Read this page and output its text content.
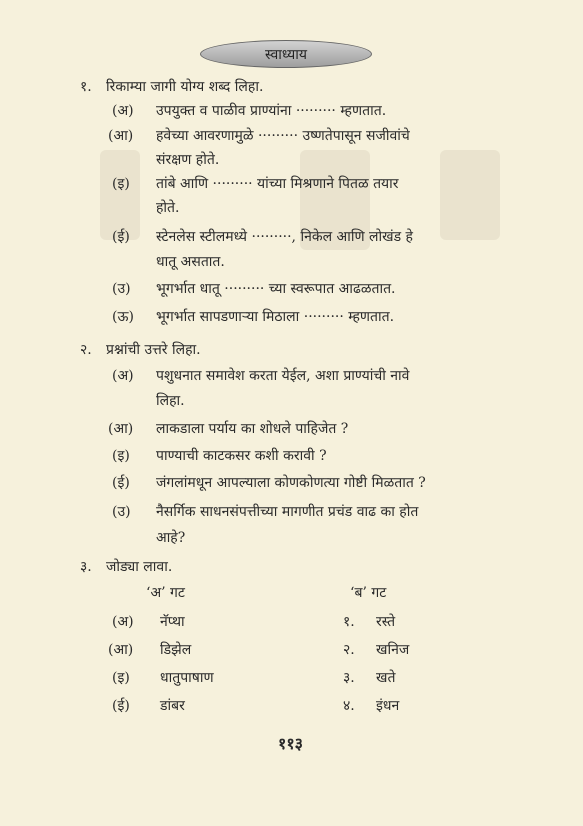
स्वाध्याय
१. रिकाम्या जागी योग्य शब्द लिहा.
(अ) उपयुक्त व पाळीव प्राण्यांना ········· म्हणतात.
(आ) हवेच्या आवरणामुळे ········· उष्णतेपासून सजीवांचे
संरक्षण होते.
(इ) तांबे आणि ········· यांच्या मिश्रणाने पितळ तयार
होते.
(ई) स्टेनलेस स्टीलमध्ये ·········, निकेल आणि लोखंड हे
धातू असतात.
(उ) भूगर्भात धातू ········· च्या स्वरूपात आढळतात.
(ऊ) भूगर्भात सापडणाऱ्या मिठाला ········· म्हणतात.
२. प्रश्नांची उत्तरे लिहा.
(अ) पशुधनात समावेश करता येईल, अशा प्राण्यांची नावे
लिहा.
(आ) लाकडाला पर्याय का शोधले पाहिजेत ?
(इ) पाण्याची काटकसर कशी करावी ?
(ई) जंगलांमधून आपल्याला कोणकोणत्या गोष्टी मिळतात ?
(उ) नैसर्गिक साधनसंपत्तीच्या मागणीत प्रचंड वाढ का होत
आहे?
३. जोड्या लावा.
‘अ’ गट	‘ब’ गट
(अ) नॅप्था	१. रस्ते
(आ) डिझेल	२. खनिज
(इ) धातुपाषाण	३. खते
(ई) डांबर	४. इंधन
११३
